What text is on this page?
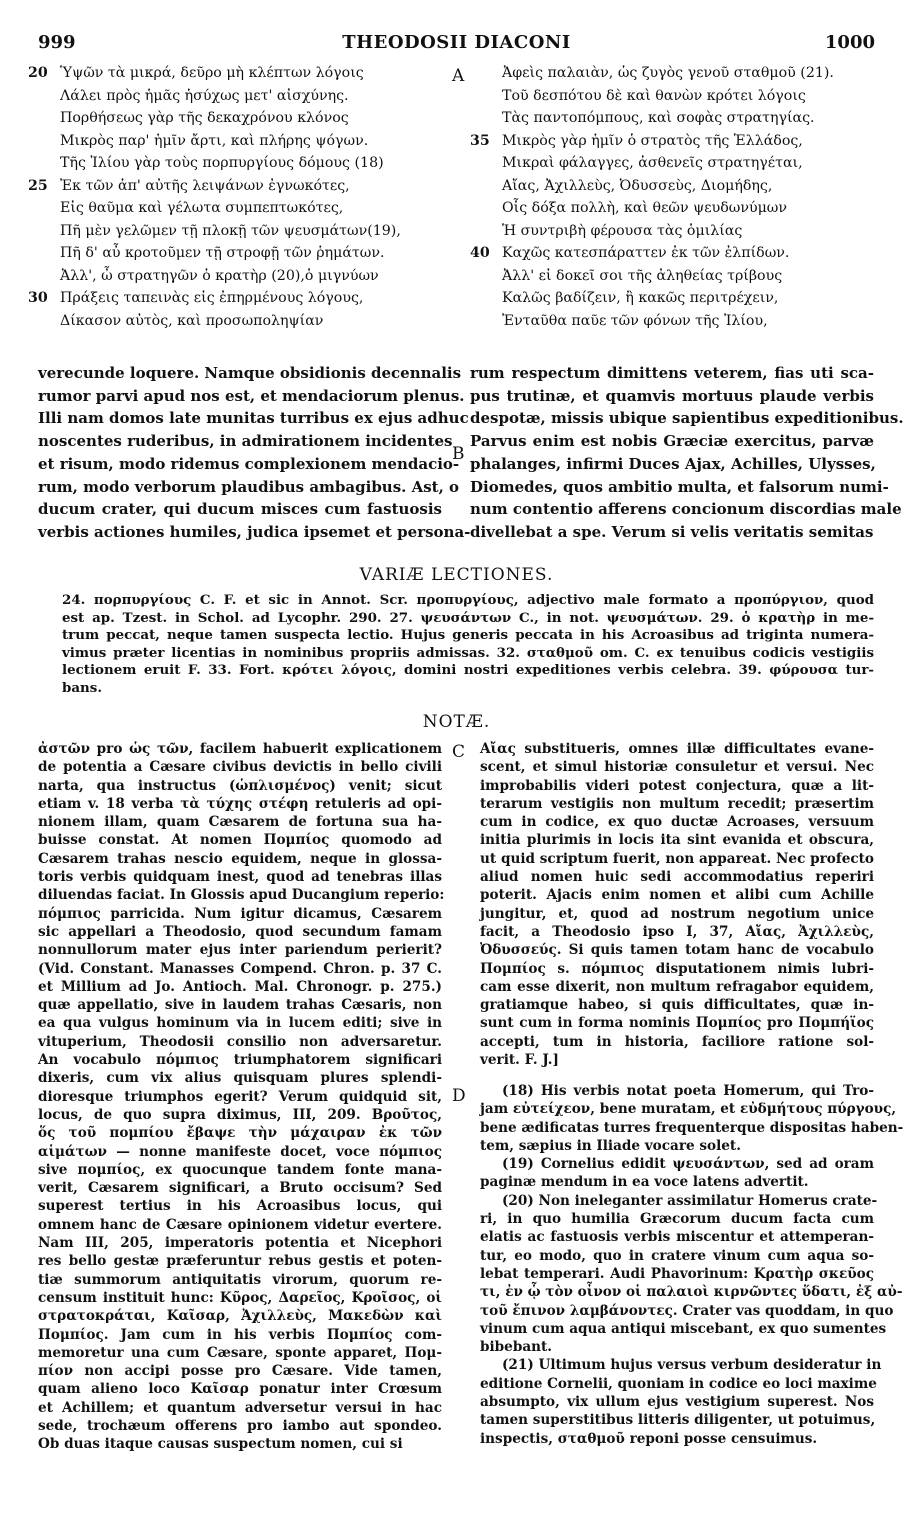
999	THEODOSII DIACONI	1000
A
B
C
D
20 Ὑψῶν τὰ μικρά, δεῦρο μὴ κλέπτων λόγοις
Λάλει πρὸς ἡμᾶς ἡσύχως μετ' αἰσχύνης.
Πορθήσεως γὰρ τῆς δεκαχρόνου κλόνος
Μικρὸς παρ' ἡμῖν ἄρτι, καὶ πλήρης ψόγων.
Τῆς Ἰλίου γὰρ τοὺς πορπυργίους δόμους (18)
25 Ἐκ τῶν ἀπ' αὐτῆς λειψάνων ἐγνωκότες,
Εἰς θαῦμα καὶ γέλωτα συμπεπτωκότες,
Πῆ μὲν γελῶμεν τῇ πλοκῇ τῶν ψευσμάτων(19),
Πῆ δ' αὖ κροτοῦμεν τῇ στροφῇ τῶν ῥημάτων.
Ἀλλ', ὦ στρατηγῶν ὁ κρατὴρ (20),ὁ μιγνύων
30 Πράξεις ταπεινὰς εἰς ἐπηρμένους λόγους,
Δίκασον αὐτὸς, καὶ προσωποληψίαν
Ἀφεὶς παλαιὰν, ὡς ζυγὸς γενοῦ σταθμοῦ (21).
Τοῦ δεσπότου δὲ καὶ θανὼν κρότει λόγοις
Τὰς παντοπόμπους, καὶ σοφὰς στρατηγίας.
35 Μικρὸς γὰρ ἡμῖν ὁ στρατὸς τῆς Ἑλλάδος,
Μικραὶ φάλαγγες, ἀσθενεῖς στρατηγέται,
Αἴας, Ἀχιλλεὺς, Ὀδυσσεὺς, Διομήδης,
Οἷς δόξα πολλὴ, καὶ θεῶν ψευδωνύμων
Ἡ συντριβὴ φέρουσα τὰς ὁμιλίας
40 Καχῶς κατεσπάραττεν ἐκ τῶν ἐλπίδων.
Ἀλλ' εἰ δοκεῖ σοι τῆς ἀληθείας τρίβους
Καλῶς βαδίζειν, ἢ κακῶς περιτρέχειν,
Ἐνταῦθα παῦε τῶν φόνων τῆς Ἰλίου,
verecunde loquere. Namque obsidionis decennalis
rumor parvi apud nos est, et mendaciorum plenus.
Illi nam domos late munitas turribus ex ejus adhuc
noscentes ruderibus, in admirationem incidentes
et risum, modo ridemus complexionem mendacio-
rum, modo verborum plaudibus ambagibus. Ast, o
ducum crater, qui ducum misces cum fastuosis
verbis actiones humiles, judica ipsemet et persona-
rum respectum dimittens veterem, fias uti sca-
pus trutinæ, et quamvis mortuus plaude verbis
despotæ, missis ubique sapientibus expeditionibus.
Parvus enim est nobis Græciæ exercitus, parvæ
phalanges, infirmi Duces Ajax, Achilles, Ulysses,
Diomedes, quos ambitio multa, et falsorum numi-
num contentio afferens concionum discordias male
divellebat a spe. Verum si velis veritatis semitas
VARIÆ LECTIONES.
24. πορπυργίους C. F. et sic in Annot. Scr. προπυργίους, adjectivo male formato a προπύργιον, quod
est ap. Tzest. in Schol. ad Lycophr. 290. 27. ψευσάντων C., in not. ψευσμάτων. 29. ὁ κρατὴρ in me-
trum peccat, neque tamen suspecta lectio. Hujus generis peccata in his Acroasibus ad triginta numera-
vimus præter licentias in nominibus propriis admissas. 32. σταθμοῦ om. C. ex tenuibus codicis vestigiis
lectionem eruit F. 33. Fort. κρότει λόγοις, domini nostri expeditiones verbis celebra. 39. φύρουσα tur-
bans.
NOTÆ.
ἀστῶν pro ὡς τῶν, facilem habuerit explicationem
de potentia a Cæsare civibus devictis in bello civili
narta, qua instructus (ὡπλισμένος) venit; sicut
etiam v. 18 verba τὰ τύχης στέφη retuleris ad opi-
nionem illam, quam Cæsarem de fortuna sua ha-
buisse constat. At nomen Πομπίος quomodo ad
Cæsarem trahas nescio equidem, neque in glossa-
toris verbis quidquam inest, quod ad tenebras illas
diluendas faciat. In Glossis apud Ducangium reperio:
πόμπιος parricida. Num igitur dicamus, Cæsarem
sic appellari a Theodosio, quod secundum famam
nonnullorum mater ejus inter pariendum perierit?
(Vid. Constant. Manasses Compend. Chron. p. 37 C.
et Millium ad Jo. Antioch. Mal. Chronogr. p. 275.)
quæ appellatio, sive in laudem trahas Cæsaris, non
ea qua vulgus hominum via in lucem editi; sive in
vituperium, Theodosii consilio non adversaretur.
An vocabulo πόμπιος triumphatorem significari
dixeris, cum vix alius quisquam plures splendi-
dioresque triumphos egerit? Verum quidquid sit,
locus, de quo supra diximus, III, 209. Βροῦτος,
ὅς τοῦ πομπίου ἔβαψε τὴν μάχαιραν ἐκ τῶν
αἱμάτων — nonne manifeste docet, voce πόμπιος
sive πομπίος, ex quocunque tandem fonte mana-
verit, Cæsarem significari, a Bruto occisum? Sed
superest tertius in his Acroasibus locus, qui
omnem hanc de Cæsare opinionem videtur evertere.
Nam III, 205, imperatoris potentia et Nicephori
res bello gestæ præferuntur rebus gestis et poten-
tiæ summorum antiquitatis virorum, quorum re-
censum instituit hunc: Κῦρος, Δαρεῖος, Κροῖσος, οἱ
στρατοκράται, Καῖσαρ, Ἀχιλλεὺς, Μακεδὼν καὶ
Πομπίος. Jam cum in his verbis Πομπίος com-
memoretur una cum Cæsare, sponte apparet, Πομ-
πίον non accipi posse pro Cæsare. Vide tamen,
quam alieno loco Καῖσαρ ponatur inter Crœsum
et Achillem; et quantum adversetur versui in hac
sede, trochæum offerens pro iambo aut spondeo.
Ob duas itaque causas suspectum nomen, cui si
Αἴας substitueris, omnes illæ difficultates evane-
scent, et simul historiæ consuletur et versui. Nec
improbabilis videri potest conjectura, quæ a lit-
terarum vestigiis non multum recedit; præsertim
cum in codice, ex quo ductæ Acroases, versuum
initia plurimis in locis ita sint evanida et obscura,
ut quid scriptum fuerit, non appareat. Nec profecto
aliud nomen huic sedi accommodatius reperiri
poterit. Ajacis enim nomen et alibi cum Achille
jungitur, et, quod ad nostrum negotium unice
facit, a Theodosio ipso I, 37, Αἴας, Ἀχιλλεὺς,
Ὀδυσσεύς. Si quis tamen totam hanc de vocabulo
Πομπίος s. πόμπιος disputationem nimis lubri-
cam esse dixerit, non multum refragabor equidem,
gratiamque habeo, si quis difficultates, quæ in-
sunt cum in forma nominis Πομπίος pro Πομπήϊος
accepti, tum in historia, faciliore ratione sol-
verit. F. J.]
(18) His verbis notat poeta Homerum, qui Tro-
jam εὐτείχεον, bene muratam, et εὐδμήτους πύργους,
bene ædificatas turres frequenterque dispositas haben-
tem, sæpius in Iliade vocare solet.
(19) Cornelius edidit ψευσάντων, sed ad oram
paginæ mendum in ea voce latens advertit.
(20) Non ineleganter assimilatur Homerus crate-
ri, in quo humilia Græcorum ducum facta cum
elatis ac fastuosis verbis miscentur et attemperan-
tur, eo modo, quo in cratere vinum cum aqua so-
lebat temperari. Audi Phavorinum: Κρατὴρ σκεῦος
τι, ἐν ᾧ τὸν οἶνον οἱ παλαιοὶ κιρνῶντες ὕδατι, ἐξ αὐ-
τοῦ ἔπινον λαμβάνοντες. Crater vas quoddam, in quo
vinum cum aqua antiqui miscebant, ex quo sumentes
bibebant.
(21) Ultimum hujus versus verbum desideratur in
editione Cornelii, quoniam in codice eo loci maxime
absumpto, vix ullum ejus vestigium superest. Nos
tamen superstitibus litteris diligenter, ut potuimus,
inspectis, σταθμοῦ reponi posse censuimus.
